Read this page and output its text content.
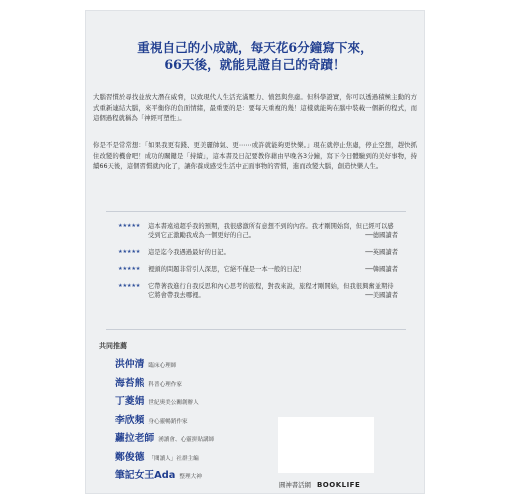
重視自己的小成就，每天花6分鐘寫下來，
66天後，就能見證自己的奇蹟！

大腦習慣於尋找並放大潛在威脅，以致現代人生活充滿壓力、憤怒與焦慮。但科學證實，你可以透過積極主動的方式重新連結大腦，來平衡你的負面情緒，最重要的是：要每天重複的幾！這樣就能夠在腦中裝載一個新的程式，而這個過程就稱為「神經可塑性」。

你是不是常常想：「如果我更有錢、更美麗帥氣、更⋯⋯或許就能夠更快樂。」現在就停止焦慮，停止空想，趕快抓住改變的機會吧！成功的關鍵是「持續」，這本書及日記要教你藉由早晚各3分鐘，寫下今日體驗到的美好事物，持續66天後，這個習慣就內化了，讓你養成感受生活中正面事物的習慣，進而改變大腦，創造快樂人生。

★★★★★	這本書遠遠超乎我的預期，我很感激所有意想不到的內容。我才剛開始寫，但已經可以感受到它正激勵我成為一個更好的自己。	──德國讀者
★★★★★	這是迄今我遇過最好的日記。	──英國讀者
★★★★★	裡頭的問題非常引人深思，它絕不僅是一本一般的日記！	──韓國讀者
★★★★★	它帶著我進行自我反思和內心思考的旅程，對我來說，旅程才剛開始，但我很興奮並期待它將會帶我去哪裡。	──美國讀者
共同推薦
洪仲清 臨床心理師
海苔熊 科普心理作家
丁菱娟 世紀奧美公關創辦人
李欣頻 身心靈暢銷作家
蘿拉老師 湧讀會、心靈拼貼講師
鄭俊德 「閱讀人」社群主編
筆記女王Ada 整理大神
圓神書活網 BOOKLIFE
